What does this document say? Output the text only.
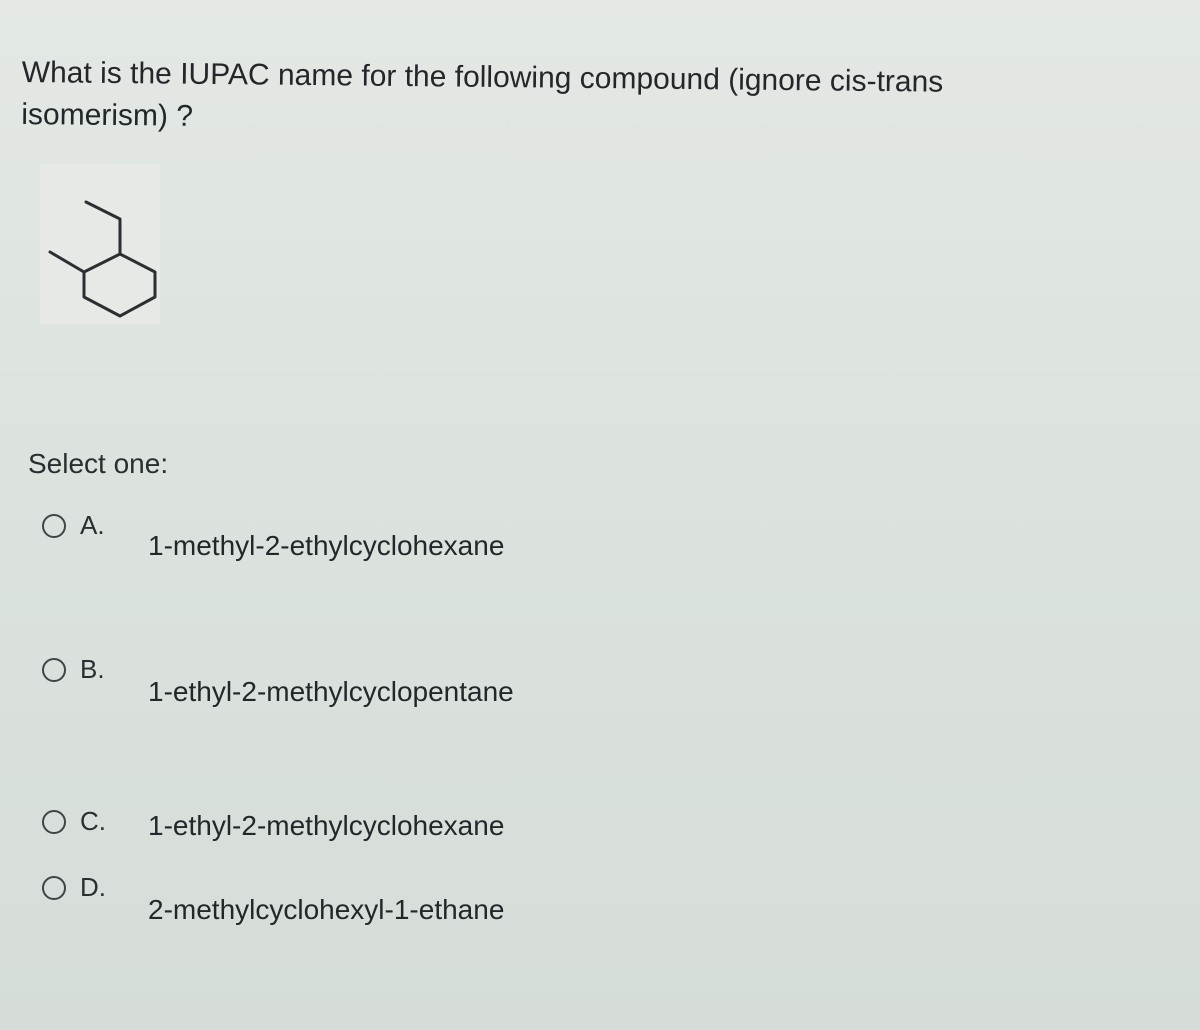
What is the IUPAC name for the following compound (ignore cis-trans isomerism) ?
Select one:
A.
1-methyl-2-ethylcyclohexane
B.
1-ethyl-2-methylcyclopentane
C. 1-ethyl-2-methylcyclohexane
D.
2-methylcyclohexyl-1-ethane
